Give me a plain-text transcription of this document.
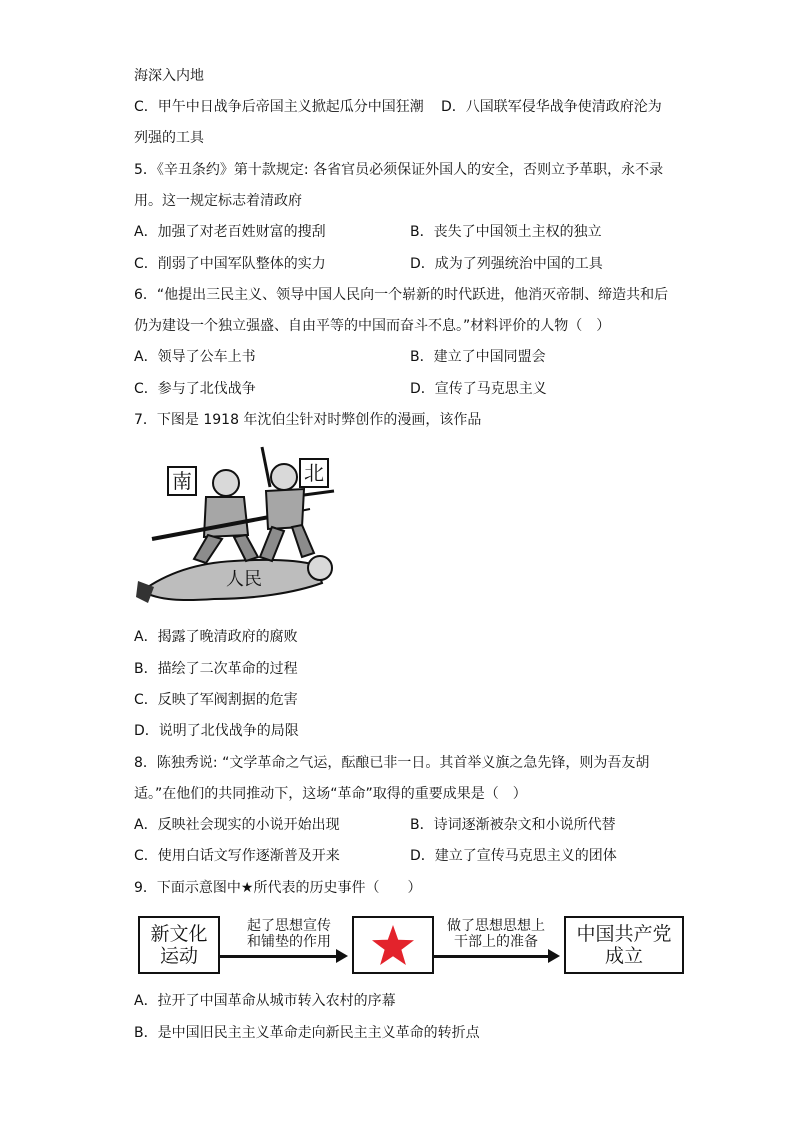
海深入内地
C．甲午中日战争后帝国主义掀起瓜分中国狂潮 D．八国联军侵华战争使清政府沦为
列强的工具
5．《辛丑条约》第十款规定: 各省官员必须保证外国人的安全，否则立予革职，永不录
用。这一规定标志着清政府
A．加强了对老百姓财富的搜刮	B．丧失了中国领土主权的独立
C．削弱了中国军队整体的实力	D．成为了列强统治中国的工具
6．“他提出三民主义、领导中国人民向一个崭新的时代跃进，他消灭帝制、缔造共和后
仍为建设一个独立强盛、自由平等的中国而奋斗不息。”材料评价的人物（　）
A．领导了公车上书	B．建立了中国同盟会
C．参与了北伐战争	D．宣传了马克思主义
7．下图是 1918 年沈伯尘针对时弊创作的漫画，该作品
南	北
人民
A．揭露了晚清政府的腐败
B．描绘了二次革命的过程
C．反映了军阀割据的危害
D．说明了北伐战争的局限
8．陈独秀说: “文学革命之气运，酝酿已非一日。其首举义旗之急先锋，则为吾友胡
适。”在他们的共同推动下，这场“革命”取得的重要成果是（　）
A．反映社会现实的小说开始出现	B．诗词逐渐被杂文和小说所代替
C．使用白话文写作逐渐普及开来	D．建立了宣传马克思主义的团体
9．下面示意图中★所代表的历史事件（　　）
新文化
运动
起了思想宣传
和铺垫的作用
做了思想思想上
干部上的准备	中国共产党
成立
A．拉开了中国革命从城市转入农村的序幕
B．是中国旧民主主义革命走向新民主主义革命的转折点
